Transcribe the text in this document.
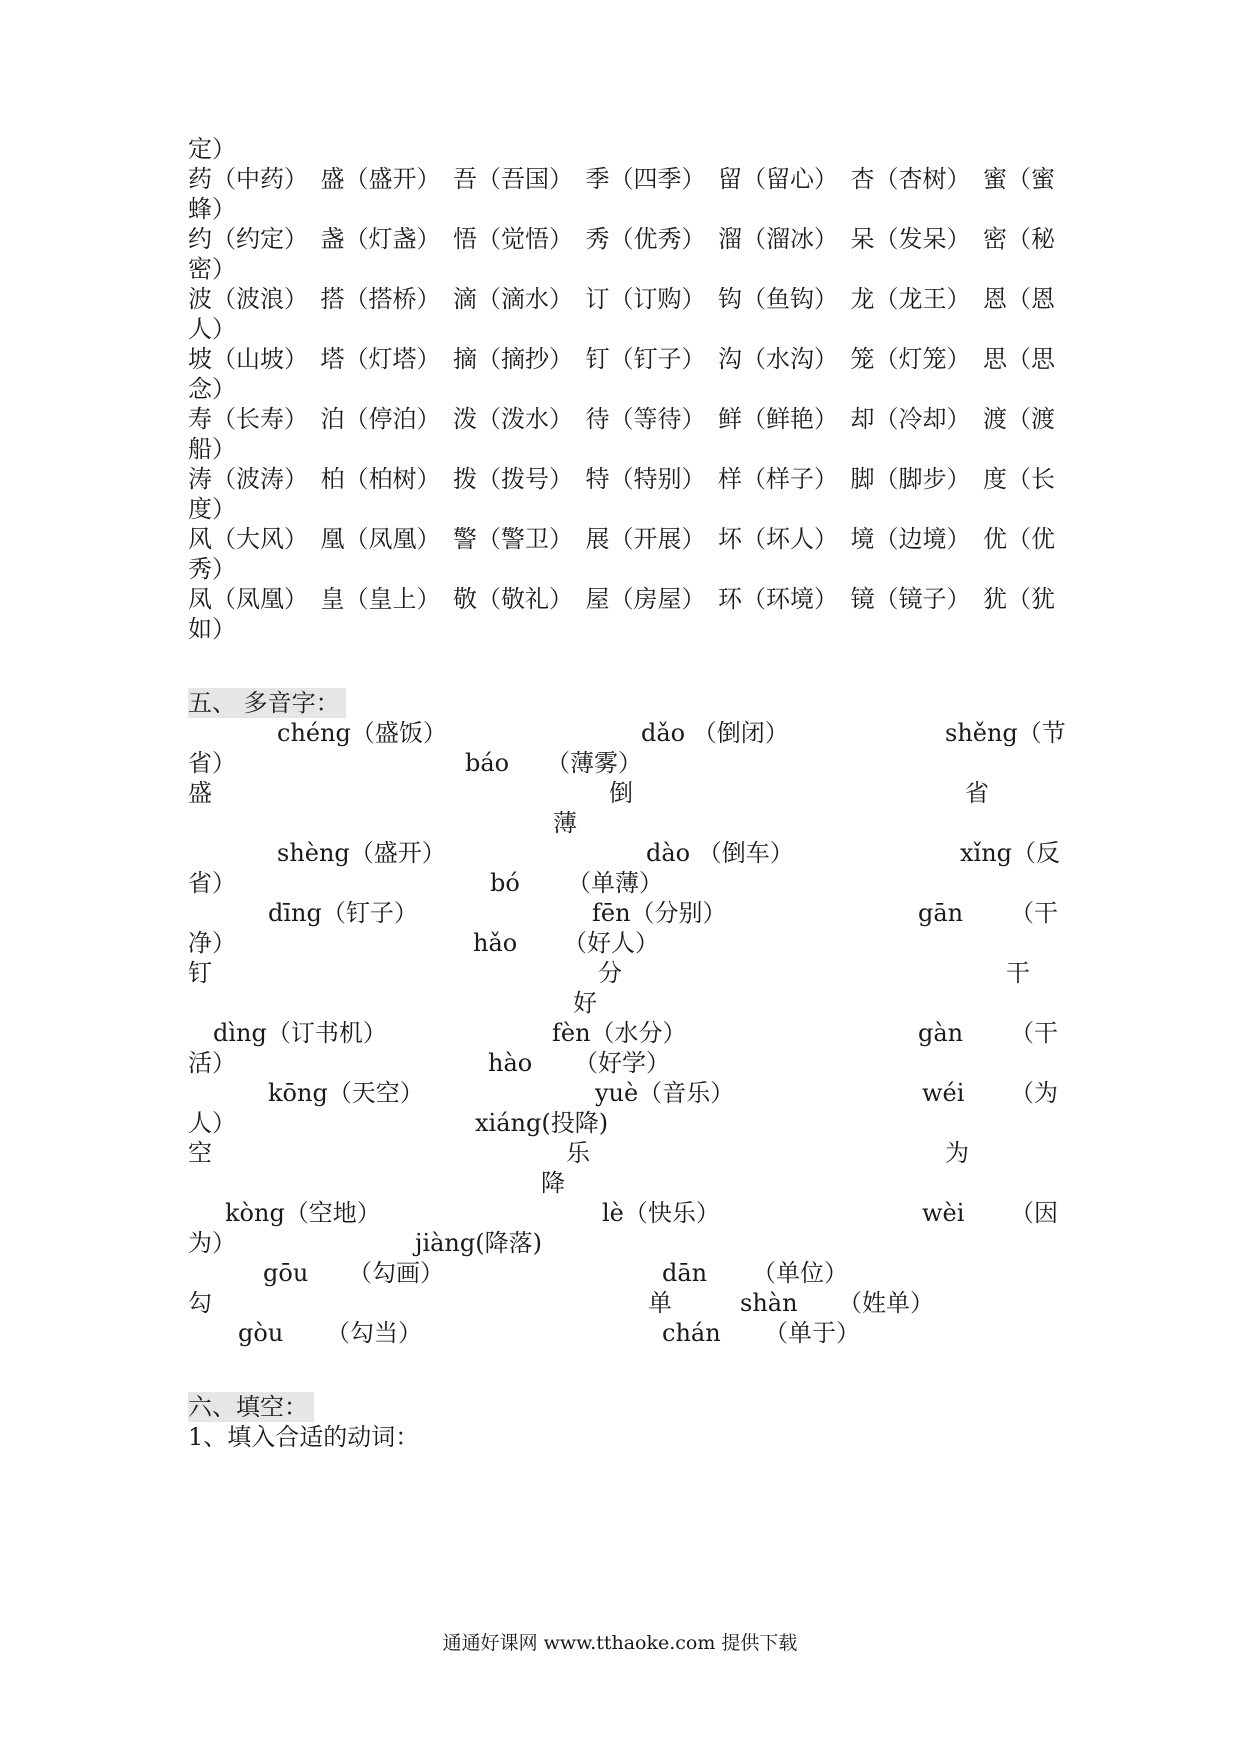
定）
药（中药） 盛（盛开） 吾（吾国） 季（四季） 留（留心） 杏（杏树） 蜜（蜜
蜂）
约（约定） 盏（灯盏） 悟（觉悟） 秀（优秀） 溜（溜冰） 呆（发呆） 密（秘
密）
波（波浪） 搭（搭桥） 滴（滴水） 订（订购） 钩（鱼钩） 龙（龙王） 恩（恩
人）
坡（山坡） 塔（灯塔） 摘（摘抄） 钉（钉子） 沟（水沟） 笼（灯笼） 思（思
念）
寿（长寿） 泊（停泊） 泼（泼水） 待（等待） 鲜（鲜艳） 却（冷却） 渡（渡
船）
涛（波涛） 柏（柏树） 拨（拨号） 特（特别） 样（样子） 脚（脚步） 度（长
度）
风（大风） 凰（凤凰） 警（警卫） 展（开展） 坏（坏人） 境（边境） 优（优
秀）
凤（凤凰） 皇（皇上） 敬（敬礼） 屋（房屋） 环（环境） 镜（镜子） 犹（犹
如）
五、 多音字：
chéng（盛饭）	dǎo （倒闭）	shěng（节
省）	báo （薄雾）
盛	倒	省
薄
shèng（盛开）	dào （倒车）	xǐng（反
省）	bó （单薄）
dīng（钉子）	fēn（分别）	gān （干
净）	hǎo （好人）
钉	分	干
好
dìng（订书机）	fèn（水分）	gàn （干
活）	hào （好学）
kōng（天空）	yuè（音乐）	wéi （为
人）	xiáng(投降)
空	乐	为
降
kòng（空地）	lè（快乐）	wèi （因
为）	jiàng(降落)
gōu （勾画）	dān （单位）
勾	单	shàn （姓单）
gòu （勾当）	chán （单于）
六、填空：
1、填入合适的动词：
通通好课网 www.tthaoke.com 提供下载
